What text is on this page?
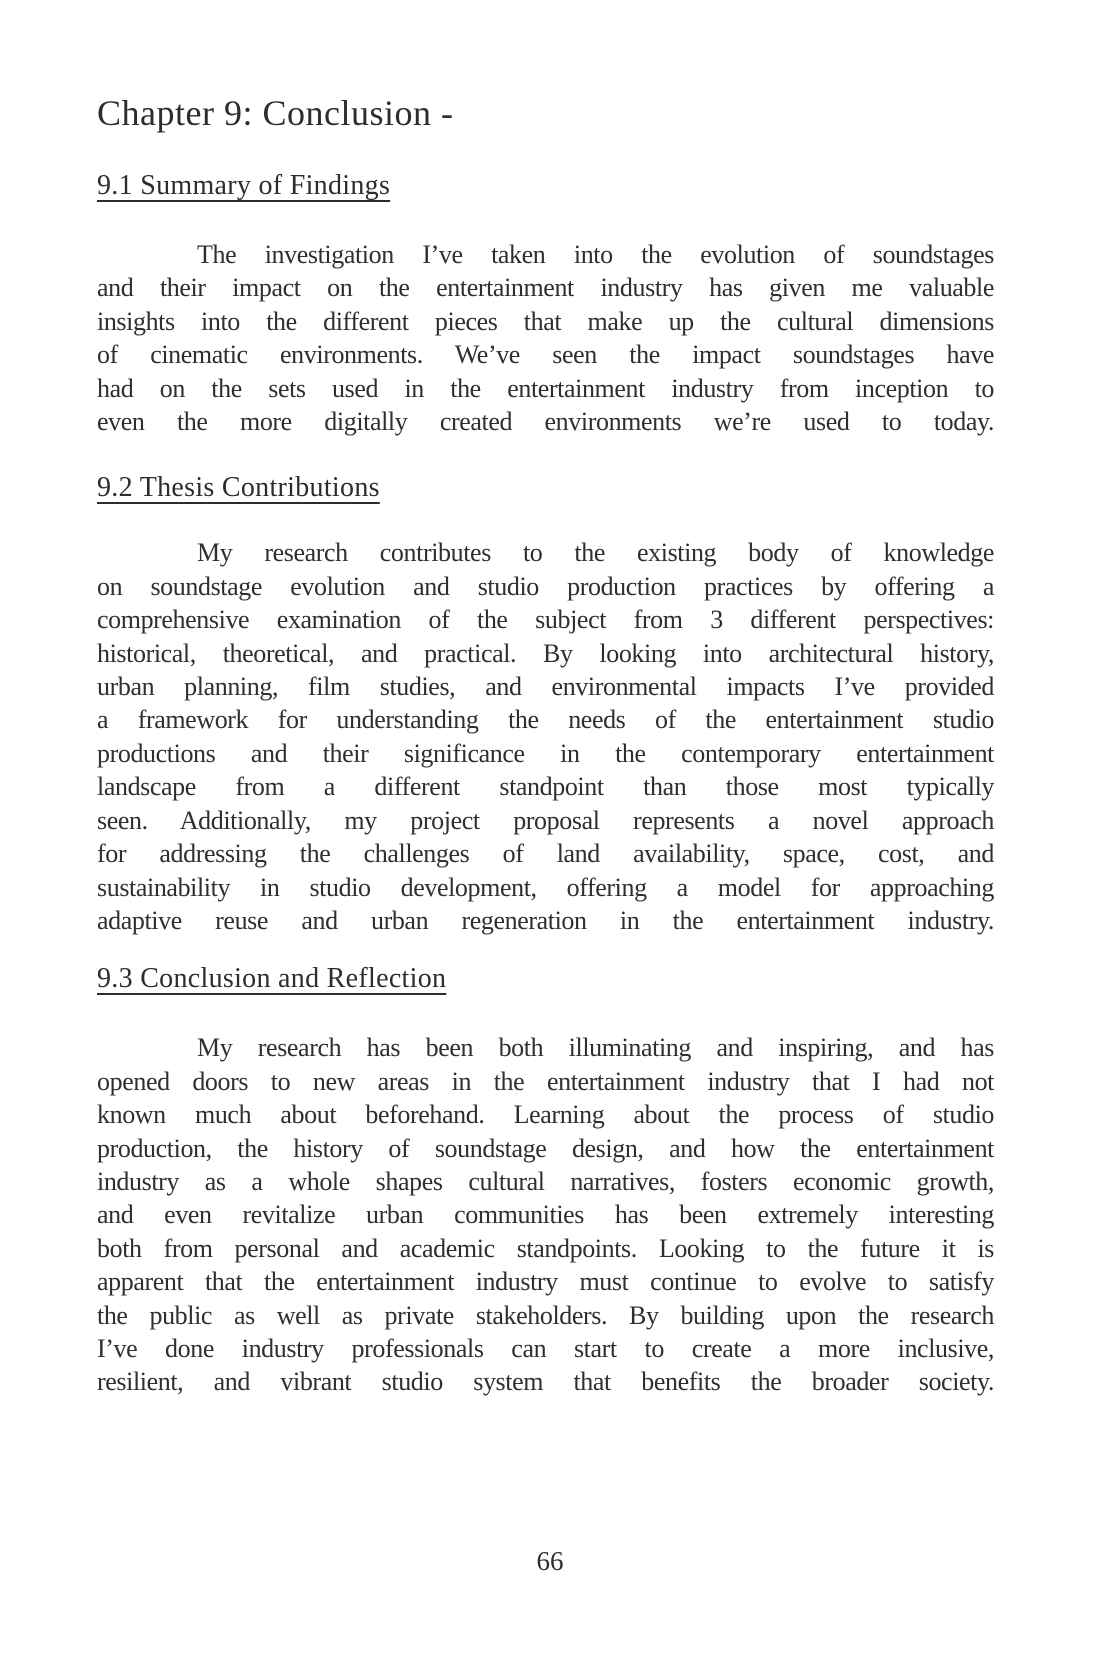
Chapter 9: Conclusion -
9.1 Summary of Findings
The investigation I’ve taken into the evolution of soundstages
and their impact on the entertainment industry has given me valuable
insights into the different pieces that make up the cultural dimensions
of cinematic environments. We’ve seen the impact soundstages have
had on the sets used in the entertainment industry from inception to
even the more digitally created environments we’re used to today.
9.2 Thesis Contributions
My research contributes to the existing body of knowledge
on soundstage evolution and studio production practices by offering a
comprehensive examination of the subject from 3 different perspectives:
historical, theoretical, and practical. By looking into architectural history,
urban planning, film studies, and environmental impacts I’ve provided
a framework for understanding the needs of the entertainment studio
productions and their significance in the contemporary entertainment
landscape from a different standpoint than those most typically
seen. Additionally, my project proposal represents a novel approach
for addressing the challenges of land availability, space, cost, and
sustainability in studio development, offering a model for approaching
adaptive reuse and urban regeneration in the entertainment industry.
9.3 Conclusion and Reflection
My research has been both illuminating and inspiring, and has
opened doors to new areas in the entertainment industry that I had not
known much about beforehand. Learning about the process of studio
production, the history of soundstage design, and how the entertainment
industry as a whole shapes cultural narratives, fosters economic growth,
and even revitalize urban communities has been extremely interesting
both from personal and academic standpoints. Looking to the future it is
apparent that the entertainment industry must continue to evolve to satisfy
the public as well as private stakeholders. By building upon the research
I’ve done industry professionals can start to create a more inclusive,
resilient, and vibrant studio system that benefits the broader society.
66
